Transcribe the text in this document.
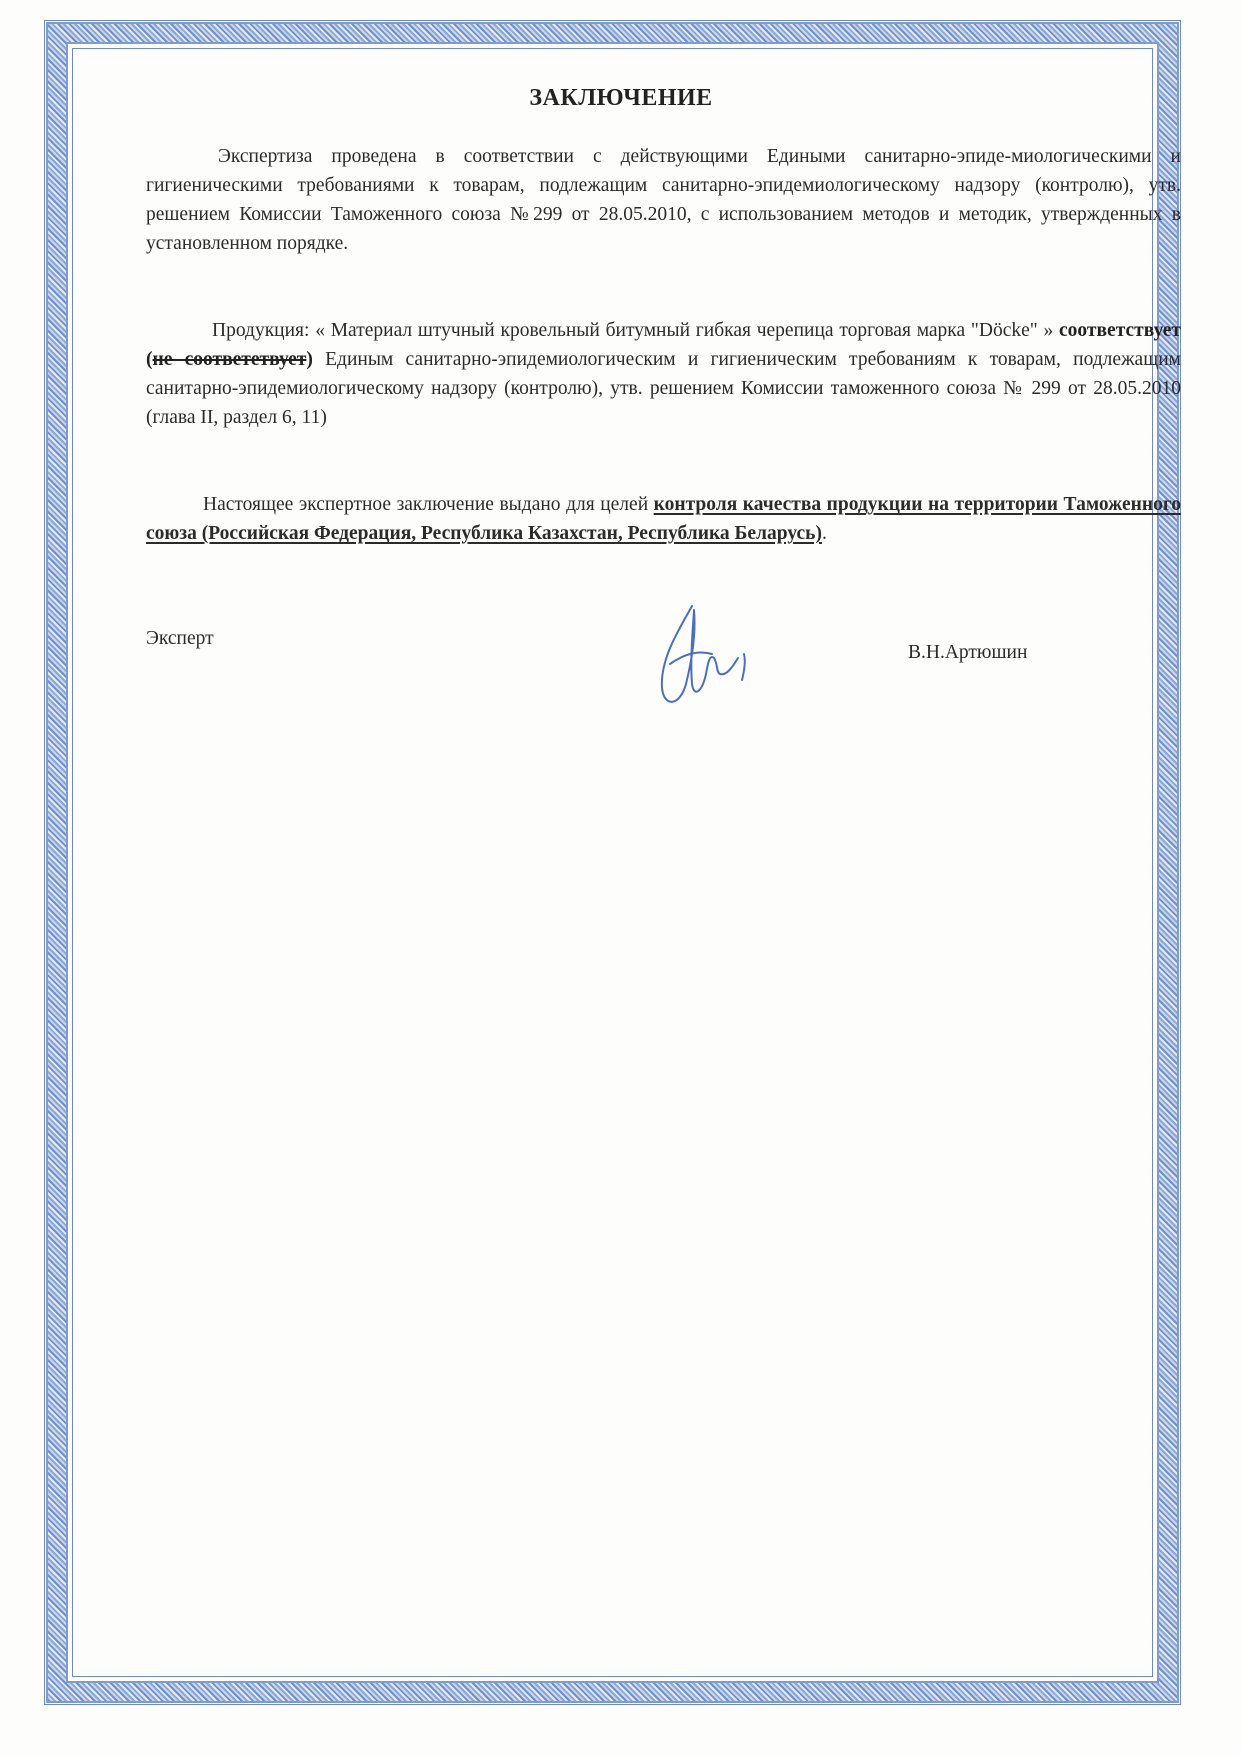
ЗАКЛЮЧЕНИЕ
Экспертиза проведена в соответствии с действующими Едиными санитарно-эпиде-миологическими и гигиеническими требованиями к товарам, подлежащим санитарно-эпидемиологическому надзору (контролю), утв. решением Комиссии Таможенного союза №299 от 28.05.2010, с использованием методов и методик, утвержденных в установленном порядке.
Продукция: « Материал штучный кровельный битумный гибкая черепица торговая марка "Döcke" » соответствует (не соответетвует) Единым санитарно-эпидемиологическим и гигиеническим требованиям к товарам, подлежащим санитарно-эпидемиологическому надзору (контролю), утв. решением Комиссии таможенного союза № 299 от 28.05.2010 (глава II, раздел 6, 11)
Настоящее экспертное заключение выдано для целей контроля качества продукции на территории Таможенного союза (Российская Федерация, Республика Казахстан, Республика Беларусь).
Эксперт
В.Н.Артюшин
